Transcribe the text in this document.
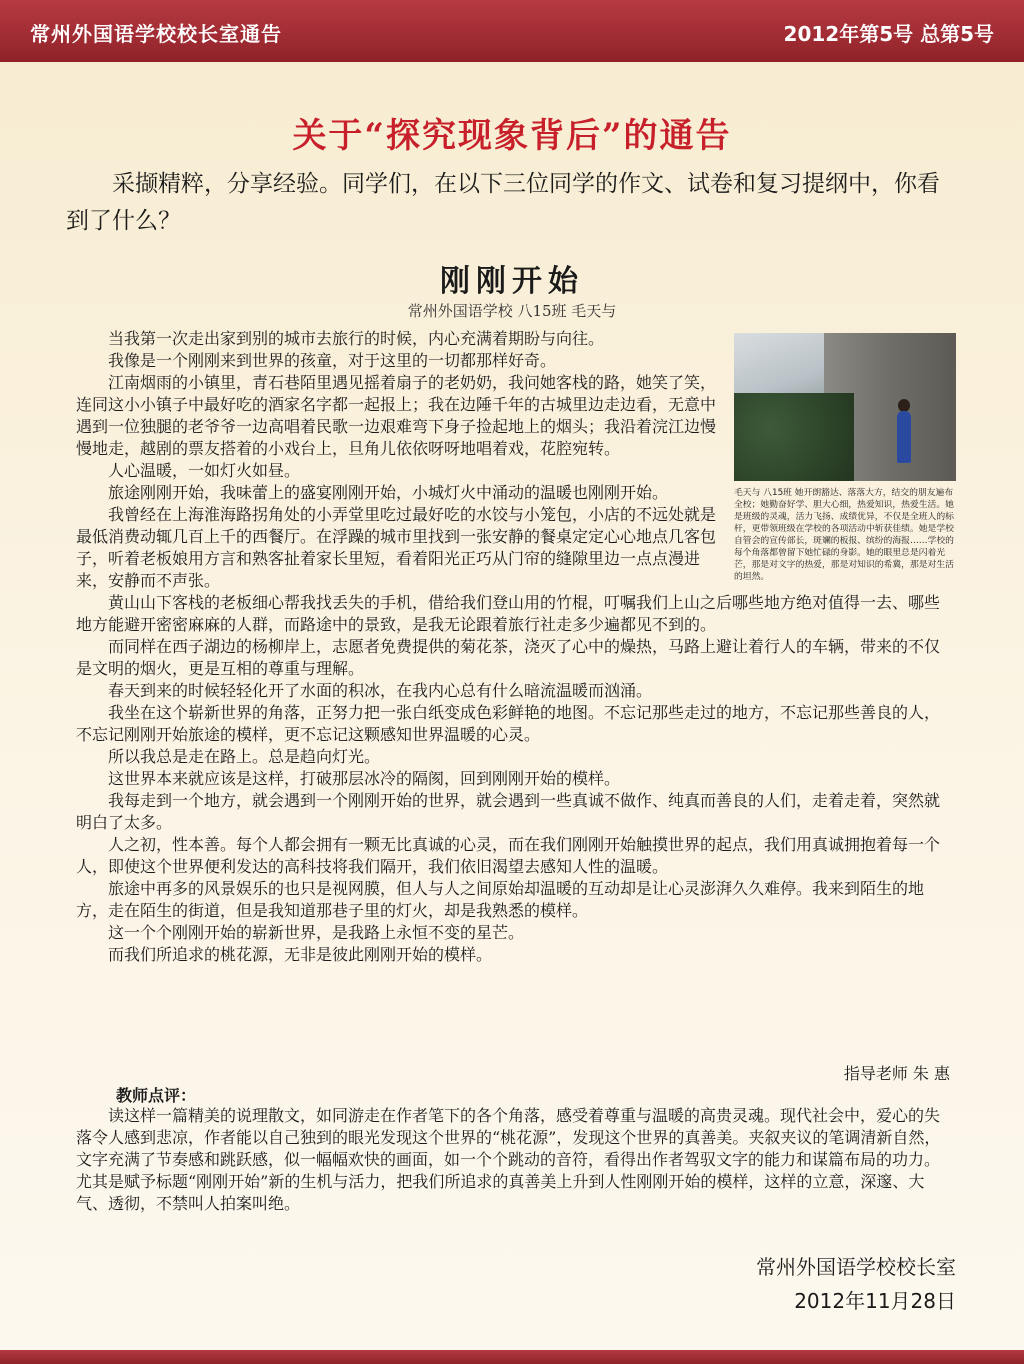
常州外国语学校校长室通告	2012年第5号 总第5号
关于“探究现象背后”的通告
采撷精粹，分享经验。同学们，在以下三位同学的作文、试卷和复习提纲中，你看到了什么？
刚刚开始
常州外国语学校 八15班 毛天与
毛天与 八15班 她开朗豁达、落落大方，结交的朋友遍布全校；她勤奋好学、胆大心细，热爱知识，热爱生活。她是班级的灵魂，活力飞扬、成绩优异，不仅是全班人的标杆，更带领班级在学校的各项活动中斩获佳绩。她是学校自管会的宣传部长，斑斓的板报、缤纷的海报……学校的每个角落都曾留下她忙碌的身影。她的眼里总是闪着光芒，那是对文字的热爱，那是对知识的希冀，那是对生活的坦然。

当我第一次走出家到别的城市去旅行的时候，内心充满着期盼与向往。

我像是一个刚刚来到世界的孩童，对于这里的一切都那样好奇。

江南烟雨的小镇里，青石巷陌里遇见摇着扇子的老奶奶，我问她客栈的路，她笑了笑，连同这小小镇子中最好吃的酒家名字都一起报上；我在边陲千年的古城里边走边看，无意中遇到一位独腿的老爷爷一边高唱着民歌一边艰难弯下身子捡起地上的烟头；我沿着浣江边慢慢地走，越剧的票友搭着的小戏台上，旦角儿依依呀呀地唱着戏，花腔宛转。

人心温暖，一如灯火如昼。

旅途刚刚开始，我味蕾上的盛宴刚刚开始，小城灯火中涌动的温暖也刚刚开始。

我曾经在上海淮海路拐角处的小弄堂里吃过最好吃的水饺与小笼包，小店的不远处就是最低消费动辄几百上千的西餐厅。在浮躁的城市里找到一张安静的餐桌定定心心地点几客包子，听着老板娘用方言和熟客扯着家长里短，看着阳光正巧从门帘的缝隙里边一点点漫进来，安静而不声张。

黄山山下客栈的老板细心帮我找丢失的手机，借给我们登山用的竹棍，叮嘱我们上山之后哪些地方绝对值得一去、哪些地方能避开密密麻麻的人群，而路途中的景致，是我无论跟着旅行社走多少遍都见不到的。

而同样在西子湖边的杨柳岸上，志愿者免费提供的菊花茶，浇灭了心中的燥热，马路上避让着行人的车辆，带来的不仅是文明的烟火，更是互相的尊重与理解。

春天到来的时候轻轻化开了水面的积冰，在我内心总有什么暗流温暖而汹涌。

我坐在这个崭新世界的角落，正努力把一张白纸变成色彩鲜艳的地图。不忘记那些走过的地方，不忘记那些善良的人，不忘记刚刚开始旅途的模样，更不忘记这颗感知世界温暖的心灵。

所以我总是走在路上。总是趋向灯光。

这世界本来就应该是这样，打破那层冰冷的隔阂，回到刚刚开始的模样。

我每走到一个地方，就会遇到一个刚刚开始的世界，就会遇到一些真诚不做作、纯真而善良的人们，走着走着，突然就明白了太多。

人之初，性本善。每个人都会拥有一颗无比真诚的心灵，而在我们刚刚开始触摸世界的起点，我们用真诚拥抱着每一个人，即使这个世界便利发达的高科技将我们隔开，我们依旧渴望去感知人性的温暖。

旅途中再多的风景娱乐的也只是视网膜，但人与人之间原始却温暖的互动却是让心灵澎湃久久难停。我来到陌生的地方，走在陌生的街道，但是我知道那巷子里的灯火，却是我熟悉的模样。

这一个个刚刚开始的崭新世界，是我路上永恒不变的星芒。

而我们所追求的桃花源，无非是彼此刚刚开始的模样。

指导老师 朱 惠
教师点评：
读这样一篇精美的说理散文，如同游走在作者笔下的各个角落，感受着尊重与温暖的高贵灵魂。现代社会中，爱心的失落令人感到悲凉，作者能以自己独到的眼光发现这个世界的“桃花源”，发现这个世界的真善美。夹叙夹议的笔调清新自然，文字充满了节奏感和跳跃感，似一幅幅欢快的画面，如一个个跳动的音符，看得出作者驾驭文字的能力和谋篇布局的功力。尤其是赋予标题“刚刚开始”新的生机与活力，把我们所追求的真善美上升到人性刚刚开始的模样，这样的立意，深邃、大气、透彻，不禁叫人拍案叫绝。
常州外国语学校校长室
2012年11月28日
